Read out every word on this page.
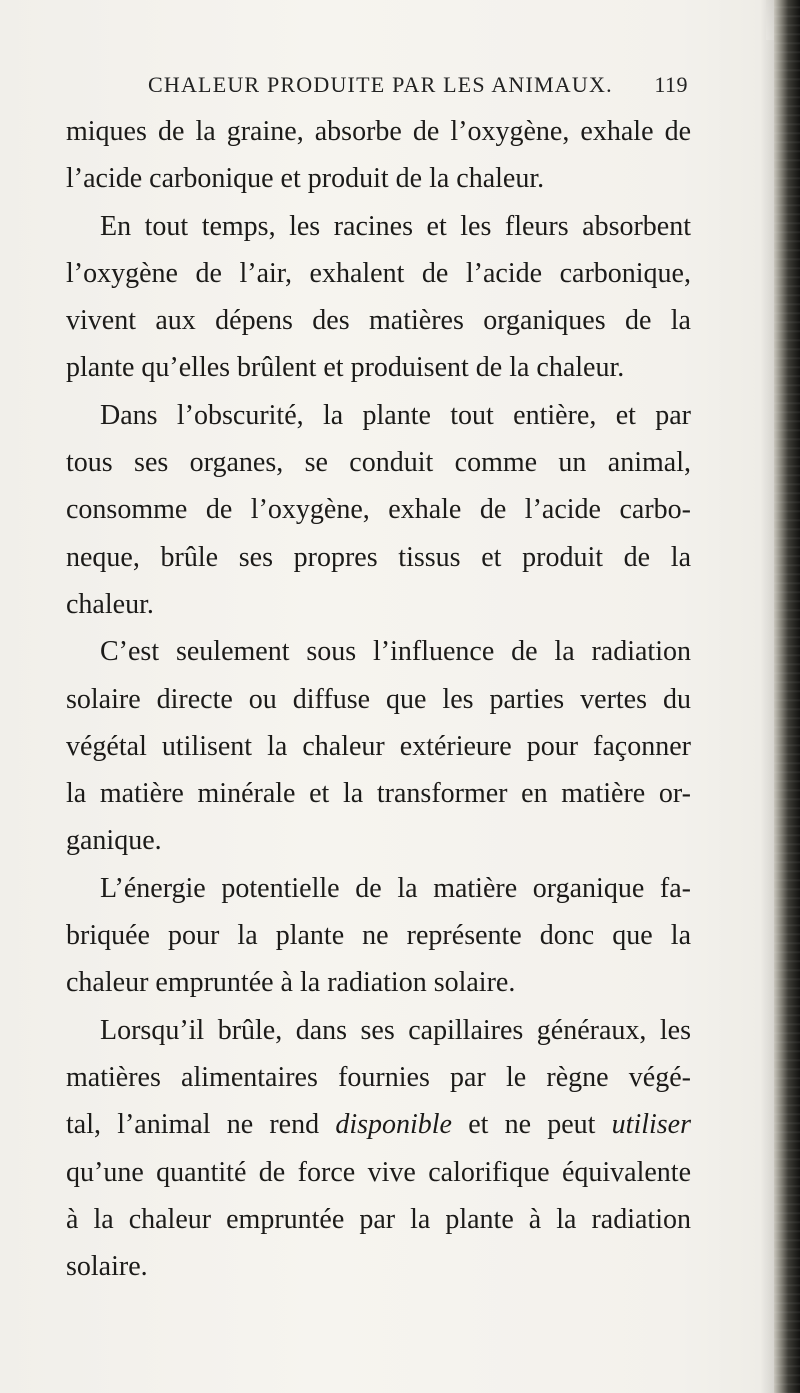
CHALEUR PRODUITE PAR LES ANIMAUX. 119
miques de la graine, absorbe de l’oxygène, exhale de
l’acide carbonique et produit de la chaleur.
En tout temps, les racines et les fleurs absorbent
l’oxygène de l’air, exhalent de l’acide carbonique,
vivent aux dépens des matières organiques de la
plante qu’elles brûlent et produisent de la chaleur.
Dans l’obscurité, la plante tout entière, et par
tous ses organes, se conduit comme un animal,
consomme de l’oxygène, exhale de l’acide carbo-
neque, brûle ses propres tissus et produit de la
chaleur.
C’est seulement sous l’influence de la radiation
solaire directe ou diffuse que les parties vertes du
végétal utilisent la chaleur extérieure pour façonner
la matière minérale et la transformer en matière or-
ganique.
L’énergie potentielle de la matière organique fa-
briquée pour la plante ne représente donc que la
chaleur empruntée à la radiation solaire.
Lorsqu’il brûle, dans ses capillaires généraux, les
matières alimentaires fournies par le règne végé-
tal, l’animal ne rend disponible et ne peut utiliser
qu’une quantité de force vive calorifique équivalente
à la chaleur empruntée par la plante à la radiation
solaire.
